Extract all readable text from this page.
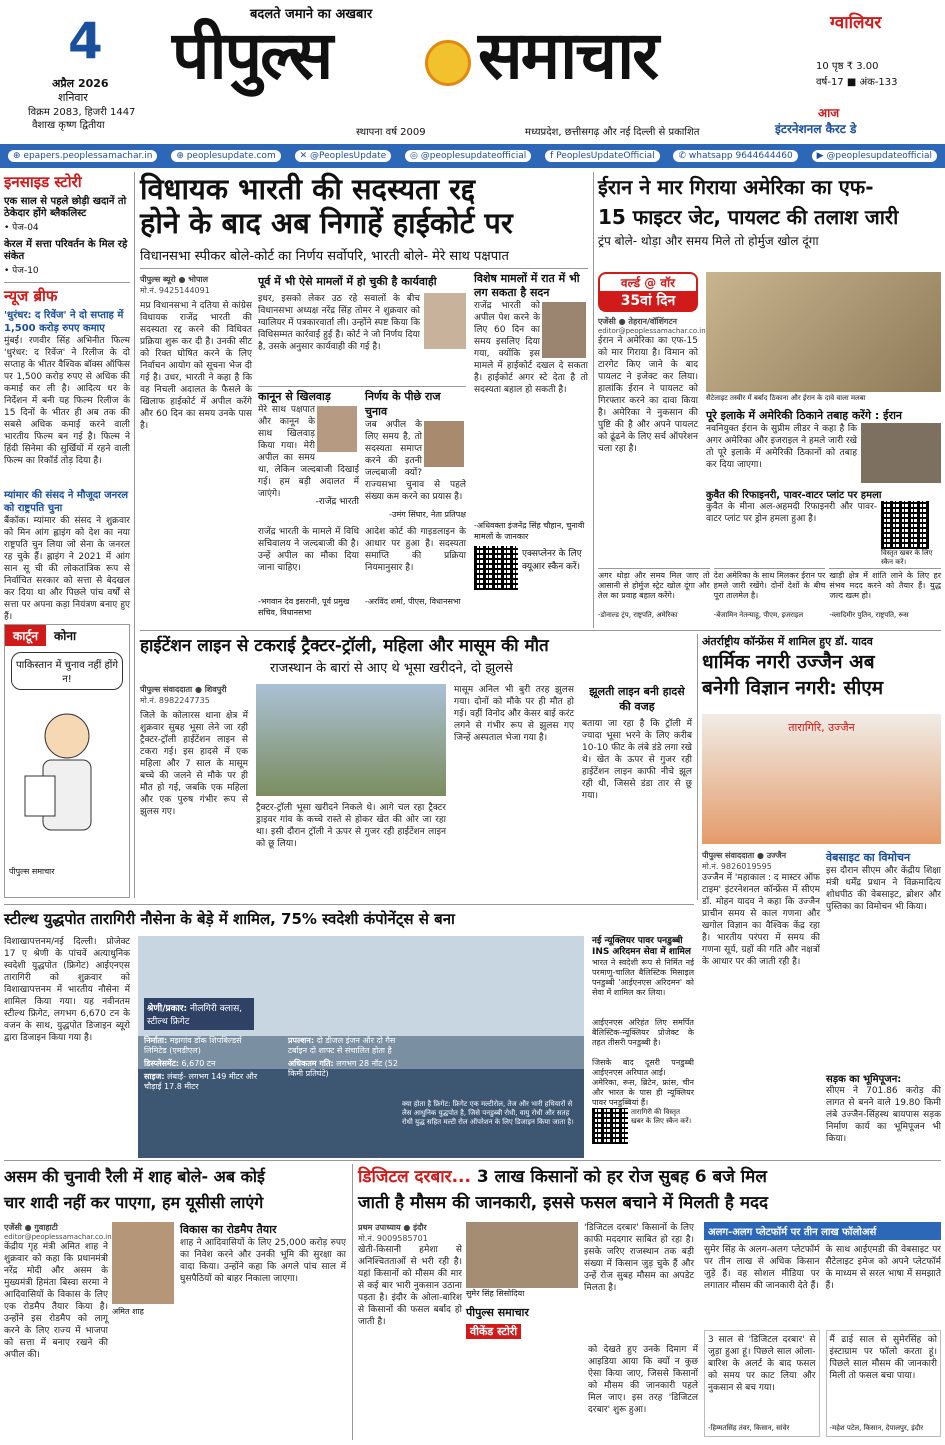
4
अप्रैल 2026
शनिवार
विक्रम 2083, हिजरी 1447
वैशाख कृष्ण द्वितीया
बदलते जमाने का अखबार
पीपुल्स समाचार
स्थापना वर्ष 2009	मध्यप्रदेश, छत्तीसगढ़ और नई दिल्ली से प्रकाशित
ग्वालियर
10 पृष्ठ ₹ 3.00
वर्ष-17 ■ अंक-133
आज
इंटरनेशनल कैरट डे
⊕ epapers.peoplessamachar.in	⊕ peoplesupdate.com	✕ @PeoplesUpdate	◎ @peoplesupdateofficial	f PeoplesUpdateOfficial	✆ whatsapp 9644644460	▶ @peoplesupdateofficial
इनसाइड स्टोरी
एक साल से पहले छोड़ी खदानें तो ठेकेदार होंगे ब्लैकलिस्ट
• पेज-04
केरल में सत्ता परिवर्तन के मिल रहे संकेत
• पेज-10
न्यूज ब्रीफ
'धुरंधर: द रिवेंज' ने दो सप्ताह में 1,500 करोड़ रुपए कमाए
मुंबई। रणवीर सिंह अभिनीत फिल्म 'धुरंधर: द रिवेंज' ने रिलीज के दो सप्ताह के भीतर वैश्विक बॉक्स ऑफिस पर 1,500 करोड़ रुपए से अधिक की कमाई कर ली है। आदित्य धर के निर्देशन में बनी यह फिल्म रिलीज के 15 दिनों के भीतर ही अब तक की सबसे अधिक कमाई करने वाली भारतीय फिल्म बन गई है। फिल्म ने हिंदी सिनेमा की सुर्खियों में रहने वाली फिल्म का रिकॉर्ड तोड़ दिया है।
म्यांमार की संसद ने मौजूदा जनरल को राष्ट्रपति चुना
बैंकॉक। म्यांमार की संसद ने शुक्रवार को मिन आंग ह्लाइंग को देश का नया राष्ट्रपति चुन लिया जो सेना के जनरल रह चुके हैं। ह्लाइंग ने 2021 में आंग सान सू ची की लोकतांत्रिक रूप से निर्वाचित सरकार को सत्ता से बेदखल कर दिया था और पिछले पांच वर्षों से सत्ता पर अपना कड़ा नियंत्रण बनाए हुए हैं।
कार्टून	कोना
पाकिस्तान में चुनाव नहीं होंगे न!
पीपुल्स समाचार
विधायक भारती की सदस्यता रद्द
होने के बाद अब निगाहें हाईकोर्ट पर
विधानसभा स्पीकर बोले-कोर्ट का निर्णय सर्वोपरि, भारती बोले- मेरे साथ पक्षपात
पीपुल्स ब्यूरो ● भोपाल
मो.नं. 9425144091
मप्र विधानसभा ने दतिया से कांग्रेस विधायक राजेंद्र भारती की सदस्यता रद्द करने की विधिवत प्रक्रिया शुरू कर दी है। उनकी सीट को रिक्त घोषित करने के लिए निर्वाचन आयोग को सूचना भेज दी गई है। उधर, भारती ने कहा है कि वह निचली अदालत के फैसले के खिलाफ हाईकोर्ट में अपील करेंगे और 60 दिन का समय उनके पास है।
पूर्व में भी ऐसे मामलों में हो चुकी है कार्यवाही
इधर, इसको लेकर उठ रहे सवालों के बीच विधानसभा अध्यक्ष नरेंद्र सिंह तोमर ने शुक्रवार को ग्वालियर में पत्रकारवार्ता ली। उन्होंने स्पष्ट किया कि विधिसम्मत कार्रवाई हुई है। कोर्ट ने जो निर्णय दिया है, उसके अनुसार कार्यवाही की गई है।
कानून से खिलवाड़
मेरे साथ पक्षपात और कानून के साथ खिलवाड़ किया गया। मेरी अपील का समय था, लेकिन जल्दबाजी दिखाई गई। हम बड़ी अदालत में जाएंगे।
-राजेंद्र भारती
निर्णय के पीछे राज चुनाव
जब अपील के लिए समय है, तो सदस्यता समाप्त करने की इतनी जल्दबाजी क्यों? राज्यसभा चुनाव से पहले संख्या कम करने का प्रयास है।
-उमंग सिंघार, नेता प्रतिपक्ष
राजेंद्र भारती के मामले में विधि सचिवालय ने जल्दबाजी की है। उन्हें अपील का मौका दिया जाना चाहिए।
-भगवान देव इसरानी, पूर्व प्रमुख सचिव, विधानसभा
आदेश कोर्ट की गाइडलाइन के आधार पर हुआ है। सदस्यता समाप्ति की प्रक्रिया नियमानुसार है।
-अरविंद शर्मा, पीएस, विधानसभा
विशेष मामलों में रात में भी लग सकता है सदन
राजेंद्र भारती को अपील पेश करने के लिए 60 दिन का समय इसलिए दिया गया, क्योंकि इस मामले में हाईकोर्ट दखल दे सकता है। हाईकोर्ट अगर स्टे देता है तो सदस्यता बहाल हो सकती है।
-अधिवक्ता इंजनेंद्र सिंह चौहान, चुनावी मामलों के जानकार
एक्सप्लेनर के लिए क्यूआर स्कैन करें।
ईरान ने मार गिराया अमेरिका का एफ-
15 फाइटर जेट, पायलट की तलाश जारी
ट्रंप बोले- थोड़ा और समय मिले तो होर्मुज खोल दूंगा
वर्ल्ड @ वॉर
35वां दिन
एजेंसी ● तेहरान/वॉशिंगटन
editor@peoplessamachar.co.in
ईरान ने अमेरिका का एफ-15 को मार गिराया है। विमान को टारगेट किए जाने के बाद पायलट ने इजेक्ट कर लिया। हालांकि ईरान ने पायलट को गिरफ्तार करने का दावा किया है। अमेरिका ने नुकसान की पुष्टि की है और अपने पायलट को ढूंढने के लिए सर्च ऑपरेशन चला रहा है।
सैटेलाइट तस्वीर में बर्बाद ठिकाना और ईरान के दावे वाला मलबा
पूरे इलाके में अमेरिकी ठिकाने तबाह करेंगे : ईरान
नवनियुक्त ईरान के सुप्रीम लीडर ने कहा है कि अगर अमेरिका और इजराइल ने हमले जारी रखे तो पूरे इलाके में अमेरिकी ठिकानों को तबाह कर दिया जाएगा।
कुवैत की रिफाइनरी, पावर-वाटर प्लांट पर हमला
कुवैत के मीना अल-अहमदी रिफाइनरी और पावर-वाटर प्लांट पर ड्रोन हमला हुआ है।
विस्तृत खबर के लिए स्कैन करें।
अगर थोड़ा और समय मिल जाए तो आसानी से होर्मुज स्ट्रेट खोल दूंगा और तेल का प्रवाह बहाल करेंगे।
-डोनाल्ड ट्रंप, राष्ट्रपति, अमेरिका
देश अमेरिका के साथ मिलकर ईरान पर हमले जारी रखेंगे। दोनों देशों के बीच पूरा तालमेल है।
-बेंजामिन नेतन्याहू, पीएम, इजराइल
खाड़ी क्षेत्र में शांति लाने के लिए हर संभव मदद करने को तैयार हैं। युद्ध जल्द खत्म हो।
-व्लादिमीर पुतिन, राष्ट्रपति, रूस
हाईटेंशन लाइन से टकराई ट्रैक्टर-ट्रॉली, महिला और मासूम की मौत
राजस्थान के बारां से आए थे भूसा खरीदने, दो झुलसे
पीपुल्स संवाददाता ● शिवपुरी
मो.नं. 8982247735
जिले के कोलारस थाना क्षेत्र में शुक्रवार सुबह भूसा लेने जा रही ट्रैक्टर-ट्रॉली हाईटेंशन लाइन से टकरा गई। इस हादसे में एक महिला और 7 साल के मासूम बच्चे की जलने से मौके पर ही मौत हो गई, जबकि एक महिला और एक पुरुष गंभीर रूप से झुलस गए।	ट्रैक्टर-ट्रॉली भूसा खरीदने निकले थे। आगे चल रहा ट्रैक्टर ड्राइवर गांव के कच्चे रास्ते से होकर खेत की ओर जा रहा था। इसी दौरान ट्रॉली ने ऊपर से गुजर रही हाईटेंशन लाइन को छू लिया।
मासूम अनिल भी बुरी तरह झुलस गया। दोनों को मौके पर ही मौत हो गई। वहीं विनोद और केसर बाई करंट लगने से गंभीर रूप से झुलस गए जिन्हें अस्पताल भेजा गया है।
झूलती लाइन बनी हादसे की वजह
बताया जा रहा है कि ट्रॉली में ज्यादा भूसा भरने के लिए करीब 10-10 फीट के लंबे डंडे लगा रखे थे। खेत के ऊपर से गुजर रही हाईटेंशन लाइन काफी नीचे झूल रही थी, जिससे डंडा तार से छू गया।
अंतर्राष्ट्रीय कॉन्फ्रेंस में शामिल हुए डॉ. यादव
धार्मिक नगरी उज्जैन अब
बनेगी विज्ञान नगरी: सीएम
तारागिरि, उज्जैन
पीपुल्स संवाददाता ● उज्जैन
मो.नं. 9826019595
उज्जैन में 'महाकाल : द मास्टर ऑफ टाइम' इंटरनेशनल कॉन्फ्रेंस में सीएम डॉ. मोहन यादव ने कहा कि उज्जैन प्राचीन समय से काल गणना और खगोल विज्ञान का वैश्विक केंद्र रहा है। भारतीय परंपरा में समय की गणना सूर्य, ग्रहों की गति और नक्षत्रों के आधार पर की जाती रही है।
वेबसाइट का विमोचन
इस दौरान सीएम और केंद्रीय शिक्षा मंत्री धर्मेंद्र प्रधान ने विक्रमादित्य शोधपीठ की वेबसाइट, ब्रोशर और पुस्तिका का विमोचन भी किया।
सड़क का भूमिपूजन:
सीएम ने 701.86 करोड़ की लागत से बनने वाले 19.80 किमी लंबे उज्जैन-सिंहस्थ बायपास सड़क निर्माण कार्य का भूमिपूजन भी किया।
स्टील्थ युद्धपोत तारागिरी नौसेना के बेड़े में शामिल, 75% स्वदेशी कंपोनेंट्स से बना
विशाखापत्तनम/नई दिल्ली। प्रोजेक्ट 17 ए श्रेणी के पांचवें अत्याधुनिक स्वदेशी युद्धपोत (फ्रिगेट) आईएनएस तारागिरी को शुक्रवार को विशाखापत्तनम में भारतीय नौसेना में शामिल किया गया। यह नवीनतम स्टील्थ फ्रिगेट, लगभग 6,670 टन के वजन के साथ, युद्धपोत डिजाइन ब्यूरो द्वारा डिजाइन किया गया है।
श्रेणी/प्रकार: नीलगिरी क्लास, स्टील्थ फ्रिगेट
निर्माता: मझगांव डॉक शिपबिल्डर्स लिमिटेड (एमडीएल)
डिस्प्लेसमेंट: 6,670 टन
साइज: लंबाई- लगभग 149 मीटर और चौड़ाई 17.8 मीटर
प्रपल्शन: दो डीजल इंजन और दो गैस टर्बाइन दो शाफ्ट से संचालित होता है
अधिकतम गति: लगभग 28 नॉट (52 किमी प्रतिघंटे)
क्या होता है फ्रिगेट: फ्रिगेट एक मल्टीरोल, तेज और भारी हथियारों से लैस आधुनिक युद्धपोत है, जिसे पनडुब्बी रोधी, वायु रोधी और सतह रोधी युद्ध सहित मल्टी रोल ऑपरेशन के लिए डिजाइन किया जाता है।
नई न्यूक्लियर पावर पनडुब्बी INS अरिदमन सेवा में शामिल
भारत ने स्वदेशी रूप से निर्मित नई परमाणु-चालित बैलिस्टिक मिसाइल पनडुब्बी 'आईएनएस अरिदमन' को सेवा में शामिल कर लिया।
आईएनएस अरिहंत लिए समर्पित बैलिस्टिक-न्यूक्लियर प्रोजेक्ट के तहत तीसरी पनडुब्बी है।
जिसके बाद दूसरी पनडुब्बी आईएनएस अरिघात आई।
अमेरिका, रूस, ब्रिटेन, फ्रांस, चीन और भारत के पास ही न्यूक्लियर पावर पनडुब्बियां हैं।
तारागिरी की विस्तृत खबर के लिए स्कैन करें।
असम की चुनावी रैली में शाह बोले- अब कोई
चार शादी नहीं कर पाएगा, हम यूसीसी लाएंगे
एजेंसी ● गुवाहाटी
editor@peoplessamachar.co.in
केंद्रीय गृह मंत्री अमित शाह ने शुक्रवार को कहा कि प्रधानमंत्री नरेंद्र मोदी और असम के मुख्यमंत्री हिमंता बिस्वा सरमा ने आदिवासियों के विकास के लिए एक रोडमैप तैयार किया है। उन्होंने इस रोडमैप को लागू करने के लिए राज्य में भाजपा को सत्ता में बनाए रखने की अपील की।
अमित शाह
विकास का रोडमैप तैयार
शाह ने आदिवासियों के लिए 25,000 करोड़ रुपए का निवेश करने और उनकी भूमि की सुरक्षा का वादा किया। उन्होंने कहा कि अगले पांच साल में घुसपैठियों को बाहर निकाला जाएगा।
डिजिटल दरबार... 3 लाख किसानों को हर रोज सुबह 6 बजे मिल
जाती है मौसम की जानकारी, इससे फसल बचाने में मिलती है मदद
प्रथम उपाध्याय ● इंदौर
मो.नं. 9009585701
खेती-किसानी हमेशा से अनिश्चितताओं से भरी रही है। यहां किसानों को मौसम की मार से कई बार भारी नुकसान उठाना पड़ता है। इंदौर के ओला-बारिश से किसानों की फसल बर्बाद हो जाती है।
सुमेर सिंह सिसोदिया
पीपुल्स समाचार
वीकेंड स्टोरी
'डिजिटल दरबार' किसानों के लिए काफी मददगार साबित हो रहा है। इसके जरिए राजस्थान तक बड़ी संख्या में किसान जुड़ चुके हैं और उन्हें रोज सुबह मौसम का अपडेट मिलता है।
को देखते हुए उनके दिमाग में आइडिया आया कि क्यों न कुछ ऐसा किया जाए, जिससे किसानों को मौसम की जानकारी पहले मिल जाए। इस तरह 'डिजिटल दरबार' शुरू हुआ।
अलग-अलग प्लेटफॉर्म पर तीन लाख फॉलोअर्स
सुमेर सिंह के अलग-अलग प्लेटफॉर्म पर तीन लाख से अधिक किसान जुड़े हैं। वह सोशल मीडिया पर लगातार मौसम की जानकारी देते हैं।
के साथ आईएमडी की वेबसाइट पर सैटेलाइट इमेज को अपने प्लेटफॉर्म के माध्यम से सरल भाषा में समझाते हैं।
3 साल से 'डिजिटल दरबार' से जुड़ा हुआ हूं। पिछले साल ओला-बारिश के अलर्ट के बाद फसल को समय पर काट लिया और नुकसान से बच गया।
-हिम्मतसिंह तंवर, किसान, सांवेर
मैं ढाई साल से सुमेरसिंह को इंस्टाग्राम पर फॉलो करता हूं। पिछले साल मौसम की जानकारी मिली तो फसल बचा पाया।
-महेश पटेल, किसान, देपालपुर, इंदौर
